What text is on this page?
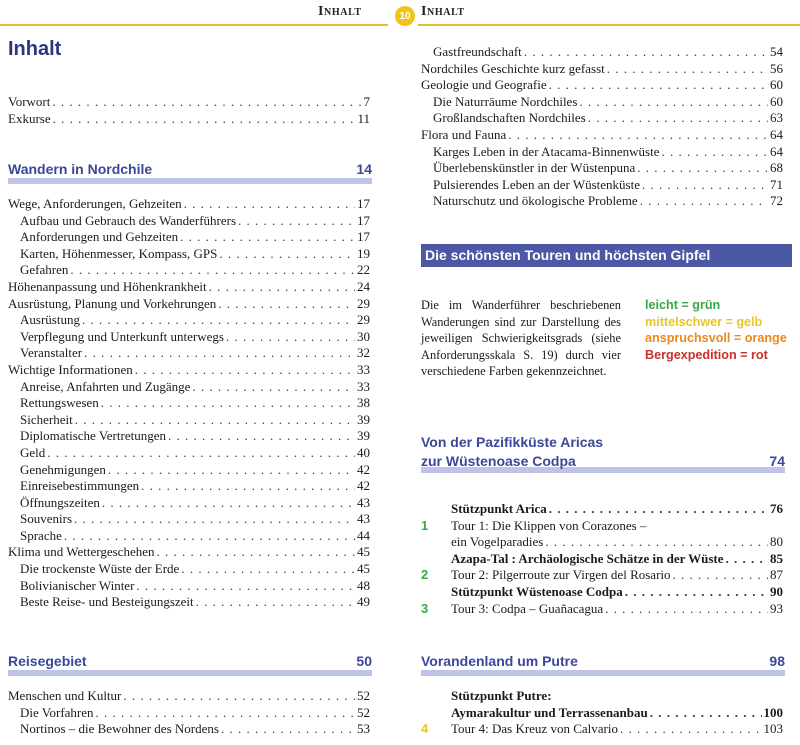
Inhalt	10 Inhalt
Inhalt
Vorwort . . .	7
Exkurse . . .	11
Wandern in Nordchile	14
Wege, Anforderungen, Gehzeiten . . .	17
Aufbau und Gebrauch des Wanderführers . . .	17
Anforderungen und Gehzeiten . . .	17
Karten, Höhenmesser, Kompass, GPS . . .	19
Gefahren . . .	22
Höhenanpassung und Höhenkrankheit . . .	24
Ausrüstung, Planung und Vorkehrungen . . .	29
Ausrüstung . . .	29
Verpflegung und Unterkunft unterwegs . . .	30
Veranstalter . . .	32
Wichtige Informationen . . .	33
Anreise, Anfahrten und Zugänge . . .	33
Rettungswesen . . .	38
Sicherheit . . .	39
Diplomatische Vertretungen . . .	39
Geld . . .	40
Genehmigungen . . .	42
Einreisebestimmungen . . .	42
Öffnungszeiten . . .	43
Souvenirs . . .	43
Sprache . . .	44
Klima und Wettergeschehen . . .	45
Die trockenste Wüste der Erde . . .	45
Bolivianischer Winter . . .	48
Beste Reise- und Besteigungszeit . . .	49
Reisegebiet	50
Menschen und Kultur . . .	52
Die Vorfahren . . .	52
Nortinos – die Bewohner des Nordens . . .	53
Gastfreundschaft . . .	54
Nordchiles Geschichte kurz gefasst . . .	56
Geologie und Geografie . . .	60
Die Naturräume Nordchiles . . .	60
Großlandschaften Nordchiles . . .	63
Flora und Fauna . . .	64
Karges Leben in der Atacama-Binnenwüste . . .	64
Überlebenskünstler in der Wüstenpuna . . .	68
Pulsierendes Leben an der Wüstenküste . . .	71
Naturschutz und ökologische Probleme . . .	72
Die schönsten Touren und höchsten Gipfel
Die im Wanderführer beschriebenen Wanderungen sind zur Darstellung des jeweiligen Schwierigkeitsgrads (siehe Anforderungsskala S. 19) durch vier verschiedene Farben gekennzeichnet.
leicht = grün
mittelschwer = gelb
anspruchsvoll = orange
Bergexpedition = rot
Von der Pazifikküste Aricas
zur Wüstenoase Codpa	74
Stützpunkt Arica . . .	76
1	Tour 1: Die Klippen von Corazones –
ein Vogelparadies . . .	80
Azapa-Tal : Archäologische Schätze in der Wüste . . .	85
2	Tour 2: Pilgerroute zur Virgen del Rosario . . .	87
Stützpunkt Wüstenoase Codpa . . .	90
3	Tour 3: Codpa – Guañacagua . . .	93
Vorandenland um Putre	98
Stützpunkt Putre:
Aymarakultur und Terrassenanbau . . .	100
4	Tour 4: Das Kreuz von Calvario . . .	103
